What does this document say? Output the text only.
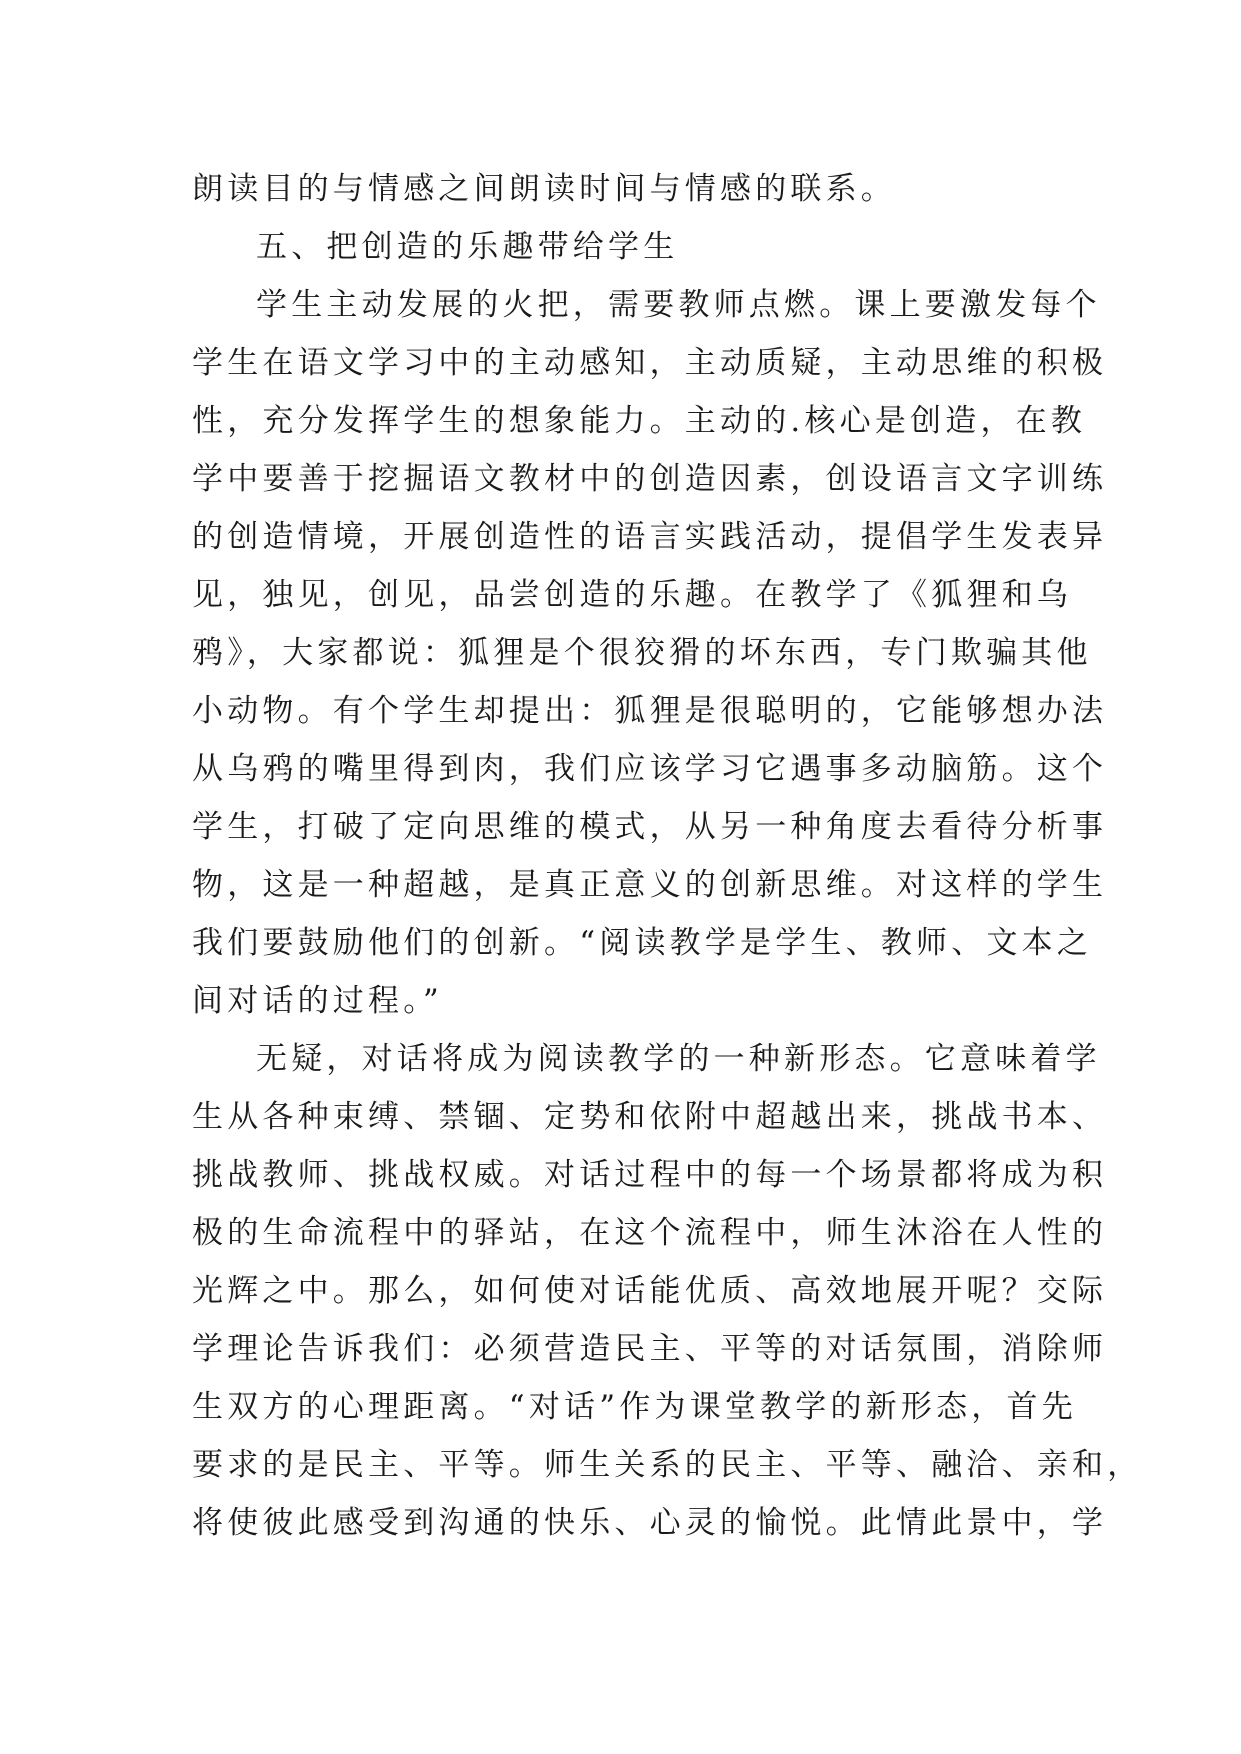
朗读目的与情感之间朗读时间与情感的联系。
五、把创造的乐趣带给学生
学生主动发展的火把，需要教师点燃。课上要激发每个
学生在语文学习中的主动感知，主动质疑，主动思维的积极
性，充分发挥学生的想象能力。主动的.核心是创造，在教
学中要善于挖掘语文教材中的创造因素，创设语言文字训练
的创造情境，开展创造性的语言实践活动，提倡学生发表异
见，独见，创见，品尝创造的乐趣。在教学了《狐狸和乌
鸦》，大家都说：狐狸是个很狡猾的坏东西，专门欺骗其他
小动物。有个学生却提出：狐狸是很聪明的，它能够想办法
从乌鸦的嘴里得到肉，我们应该学习它遇事多动脑筋。这个
学生，打破了定向思维的模式，从另一种角度去看待分析事
物，这是一种超越，是真正意义的创新思维。对这样的学生
我们要鼓励他们的创新。“阅读教学是学生、教师、文本之
间对话的过程。”
无疑，对话将成为阅读教学的一种新形态。它意味着学
生从各种束缚、禁锢、定势和依附中超越出来，挑战书本、
挑战教师、挑战权威。对话过程中的每一个场景都将成为积
极的生命流程中的驿站，在这个流程中，师生沐浴在人性的
光辉之中。那么，如何使对话能优质、高效地展开呢？交际
学理论告诉我们：必须营造民主、平等的对话氛围，消除师
生双方的心理距离。“对话”作为课堂教学的新形态，首先
要求的是民主、平等。师生关系的民主、平等、融洽、亲和，
将使彼此感受到沟通的快乐、心灵的愉悦。此情此景中，学
